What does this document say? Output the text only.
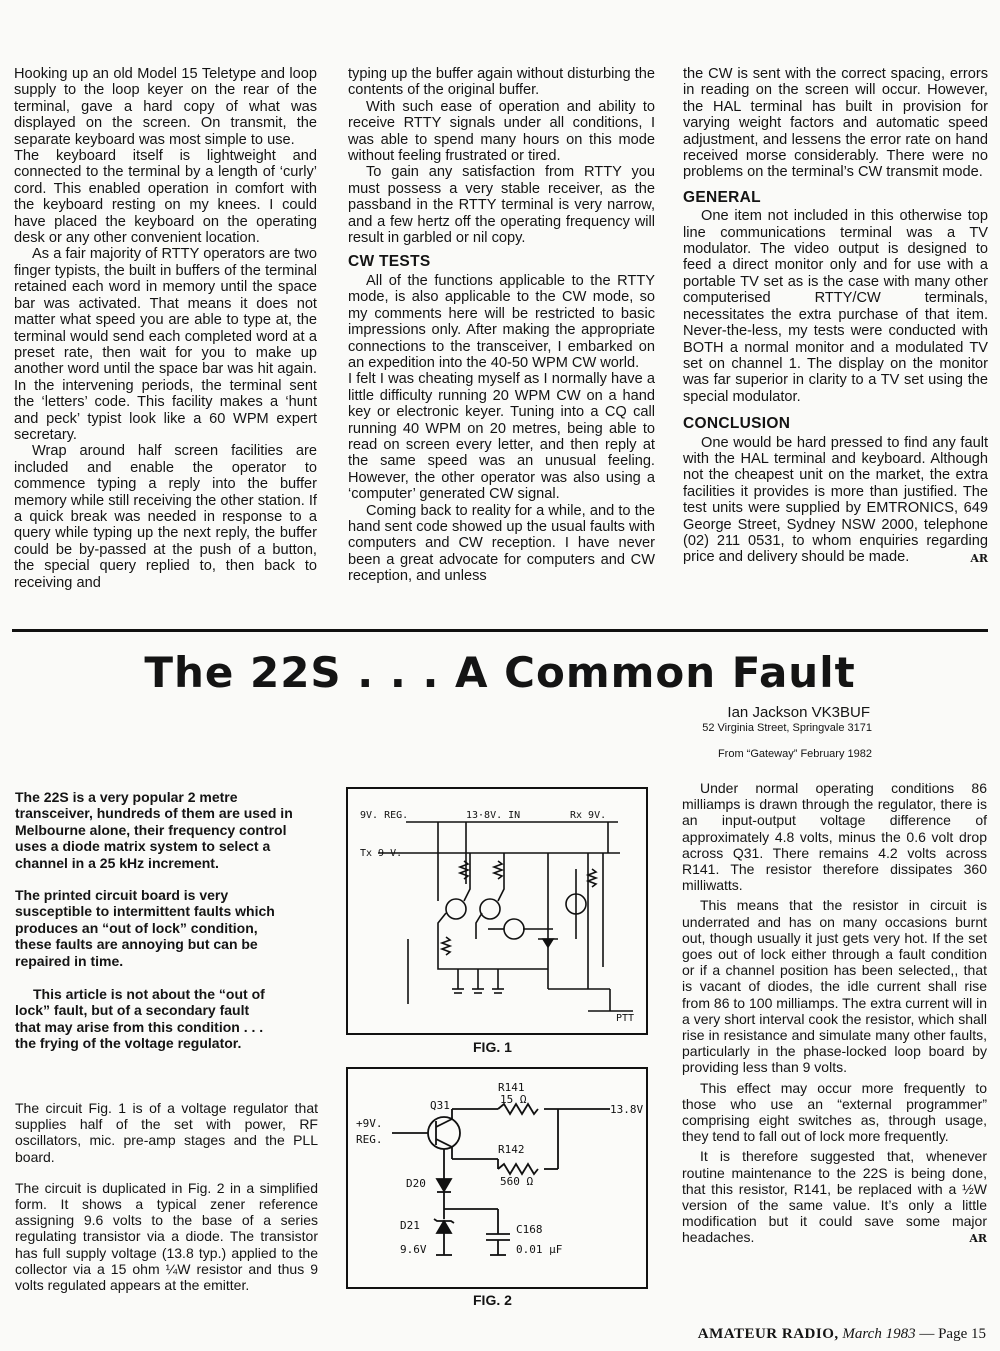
Hooking up an old Model 15 Teletype and loop supply to the loop keyer on the rear of the terminal, gave a hard copy of what was displayed on the screen. On transmit, the separate keyboard was most simple to use.

The keyboard itself is lightweight and connected to the terminal by a length of ‘curly’ cord. This enabled operation in comfort with the keyboard resting on my knees. I could have placed the keyboard on the operating desk or any other convenient location.

As a fair majority of RTTY operators are two finger typists, the built in buffers of the terminal retained each word in memory until the space bar was activated. That means it does not matter what speed you are able to type at, the terminal would send each completed word at a preset rate, then wait for you to make up another word until the space bar was hit again. In the intervening periods, the terminal sent the ‘letters’ code. This facility makes a ‘hunt and peck’ typist look like a 60 WPM expert secretary.

Wrap around half screen facilities are included and enable the operator to commence typing a reply into the buffer memory while still receiving the other station. If a quick break was needed in response to a query while typing up the next reply, the buffer could be by-passed at the push of a button, the special query replied to, then back to receiving and

typing up the buffer again without disturbing the contents of the original buffer.

With such ease of operation and ability to receive RTTY signals under all conditions, I was able to spend many hours on this mode without feeling frustrated or tired.

To gain any satisfaction from RTTY you must possess a very stable receiver, as the passband in the RTTY terminal is very narrow, and a few hertz off the operating frequency will result in garbled or nil copy.

CW TESTS

All of the functions applicable to the RTTY mode, is also applicable to the CW mode, so my comments here will be restricted to basic impressions only. After making the appropriate connections to the transceiver, I embarked on an expedition into the 40-50 WPM CW world.

I felt I was cheating myself as I normally have a little difficulty running 20 WPM CW on a hand key or electronic keyer. Tuning into a CQ call running 40 WPM on 20 metres, being able to read on screen every letter, and then reply at the same speed was an unusual feeling. However, the other operator was also using a ‘computer’ generated CW signal.

Coming back to reality for a while, and to the hand sent code showed up the usual faults with computers and CW reception. I have never been a great advocate for computers and CW reception, and unless

the CW is sent with the correct spacing, errors in reading on the screen will occur. However, the HAL terminal has built in provision for varying weight factors and automatic speed adjustment, and lessens the error rate on hand received morse considerably. There were no problems on the terminal’s CW transmit mode.

GENERAL

One item not included in this otherwise top line communications terminal was a TV modulator. The video output is designed to feed a direct monitor only and for use with a portable TV set as is the case with many other computerised RTTY/CW terminals, necessitates the extra purchase of that item. Never-the-less, my tests were conducted with BOTH a normal monitor and a modulated TV set on channel 1. The display on the monitor was far superior in clarity to a TV set using the special modulator.

CONCLUSION

One would be hard pressed to find any fault with the HAL terminal and keyboard. Although not the cheapest unit on the market, the extra facilities it provides is more than justified. The test units were supplied by EMTRONICS, 649 George Street, Sydney NSW 2000, telephone (02) 211 0531, to whom enquiries regarding price and delivery should be made.	AR

The 22S . . . A Common Fault
Ian Jackson VK3BUF
52 Virginia Street, Springvale 3171
From “Gateway” February 1982

The 22S is a very popular 2 metre transceiver, hundreds of them are used in Melbourne alone, their frequency control uses a diode matrix system to select a channel in a 25 kHz increment.

The printed circuit board is very susceptible to intermittent faults which produces an “out of lock” condition, these faults are annoying but can be repaired in time.

This article is not about the “out of lock” fault, but of a secondary fault that may arise from this condition . . . the frying of the voltage regulator.

The circuit Fig. 1 is of a voltage regulator that supplies half of the set with power, RF oscillators, mic. pre-amp stages and the PLL board.

The circuit is duplicated in Fig. 2 in a simplified form. It shows a typical zener reference assigning 9.6 volts to the base of a series regulating transistor via a diode. The transistor has full supply voltage (13.8 typ.) applied to the collector via a 15 ohm ¼W resistor and thus 9 volts regulated appears at the emitter.

9V. REG.	13·8V. IN	Rx 9V.
Tx 9 V.
PTT
FIG. 1
+9V.
REG.
Q31
R141
15 Ω
R142
560 Ω
13.8V
D20
D21
9.6V
C168
0.01 µF
FIG. 2

Under normal operating conditions 86 milliamps is drawn through the regulator, there is an input-output voltage difference of approximately 4.8 volts, minus the 0.6 volt drop across Q31. There remains 4.2 volts across R141. The resistor therefore dissipates 360 milliwatts.

This means that the resistor in circuit is underrated and has on many occasions burnt out, though usually it just gets very hot. If the set goes out of lock either through a fault condition or if a channel position has been selected,, that is vacant of diodes, the idle current shall rise from 86 to 100 milliamps. The extra current will in a very short interval cook the resistor, which shall rise in resistance and simulate many other faults, particularly in the phase-locked loop board by providing less than 9 volts.

This effect may occur more frequently to those who use an “external programmer” comprising eight switches as, through usage, they tend to fall out of lock more frequently.

It is therefore suggested that, whenever routine maintenance to the 22S is being done, that this resistor, R141, be replaced with a ½W version of the same value. It’s only a little modification but it could save some major headaches.	AR

AMATEUR RADIO, March 1983 — Page 15
